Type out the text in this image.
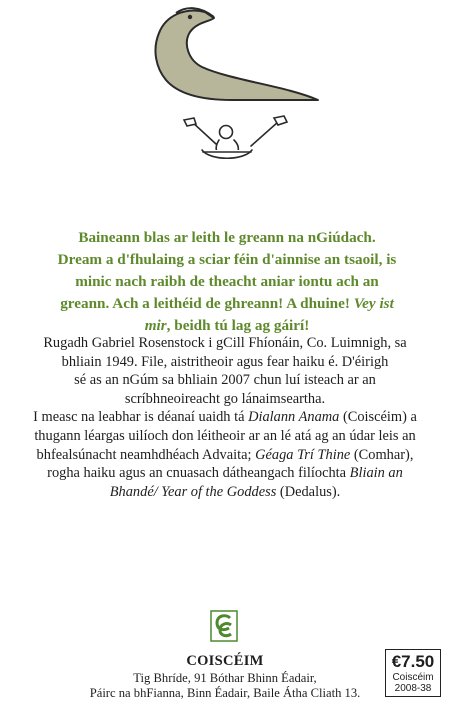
Baineann blas ar leith le greann na nGiúdach.
Dream a d'fhulaing a sciar féin d'ainnise an tsaoil, is
minic nach raibh de theacht aniar iontu ach an
greann. Ach a leithéid de ghreann! A dhuine! Vey ist
mir, beidh tú lag ag gáirí!

Rugadh Gabriel Rosenstock i gCill Fhíonáin, Co. Luimnigh, sa

bhliain 1949. File, aistritheoir agus fear haiku é. D'éirigh

sé as an nGúm sa bhliain 2007 chun luí isteach ar an

scríbhneoireacht go lánaimseartha.

I measc na leabhar is déanaí uaidh tá Dialann Anama (Coiscéim) a

thugann léargas uilíoch don léitheoir ar an lé atá ag an údar leis an

bhfealsúnacht neamhdhéach Advaita; Géaga Trí Thine (Comhar),

rogha haiku agus an cnuasach dátheangach filíochta Bliain an

Bhandé/ Year of the Goddess (Dedalus).

COISCÉIM
Tig Bhríde, 91 Bóthar Bhinn Éadair,
Páirc na bhFianna, Binn Éadair, Baile Átha Cliath 13.
€7.50
Coiscéim
2008-38
